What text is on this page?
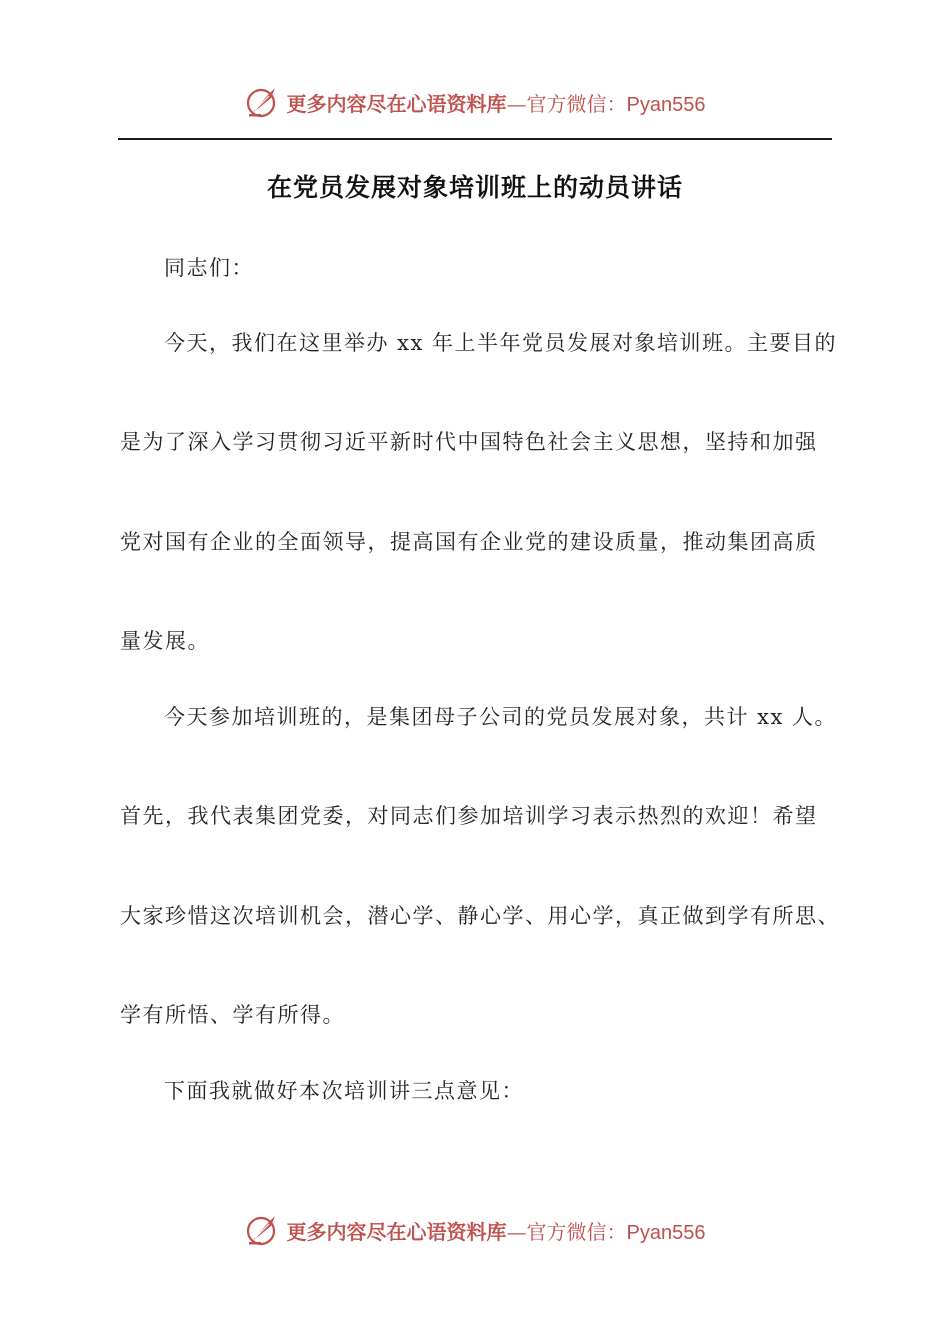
更多内容尽在心语资料库—官方微信：Pyan556
在党员发展对象培训班上的动员讲话
同志们：
今天，我们在这里举办 xx 年上半年党员发展对象培训班。主要目的
是为了深入学习贯彻习近平新时代中国特色社会主义思想，坚持和加强
党对国有企业的全面领导，提高国有企业党的建设质量，推动集团高质
量发展。
今天参加培训班的，是集团母子公司的党员发展对象，共计 xx 人。
首先，我代表集团党委，对同志们参加培训学习表示热烈的欢迎！希望
大家珍惜这次培训机会，潜心学、静心学、用心学，真正做到学有所思、
学有所悟、学有所得。
下面我就做好本次培训讲三点意见：
更多内容尽在心语资料库—官方微信：Pyan556
